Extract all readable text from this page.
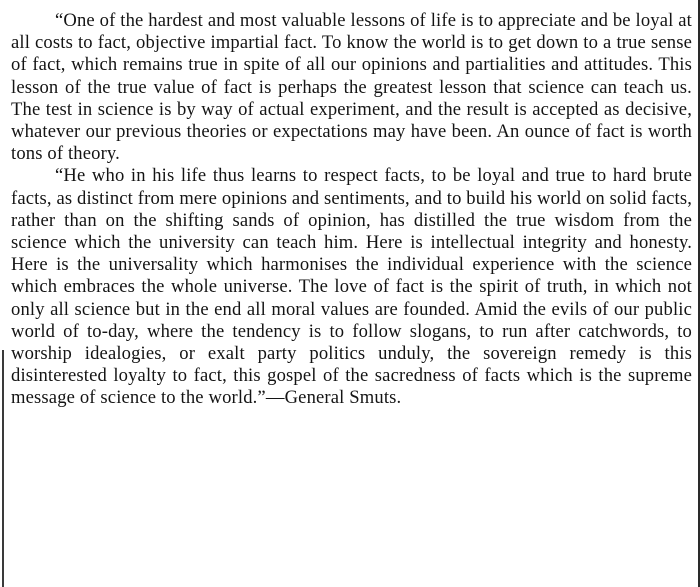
“One of the hardest and most valuable lessons of life is to appreciate and be loyal at all costs to fact, objective impartial fact. To know the world is to get down to a true sense of fact, which remains true in spite of all our opinions and partialities and attitudes. This lesson of the true value of fact is perhaps the greatest lesson that science can teach us. The test in science is by way of actual experiment, and the result is accepted as decisive, whatever our previous theories or expectations may have been. An ounce of fact is worth tons of theory.

“He who in his life thus learns to respect facts, to be loyal and true to hard brute facts, as distinct from mere opinions and sentiments, and to build his world on solid facts, rather than on the shifting sands of opinion, has distilled the true wisdom from the science which the university can teach him. Here is intellectual integrity and honesty. Here is the universality which harmonises the individual experience with the science which embraces the whole universe. The love of fact is the spirit of truth, in which not only all science but in the end all moral values are founded. Amid the evils of our public world of to-day, where the tendency is to follow slogans, to run after catchwords, to worship idealogies, or exalt party politics unduly, the sovereign remedy is this disinterested loyalty to fact, this gospel of the sacredness of facts which is the supreme message of science to the world.”—General Smuts.
